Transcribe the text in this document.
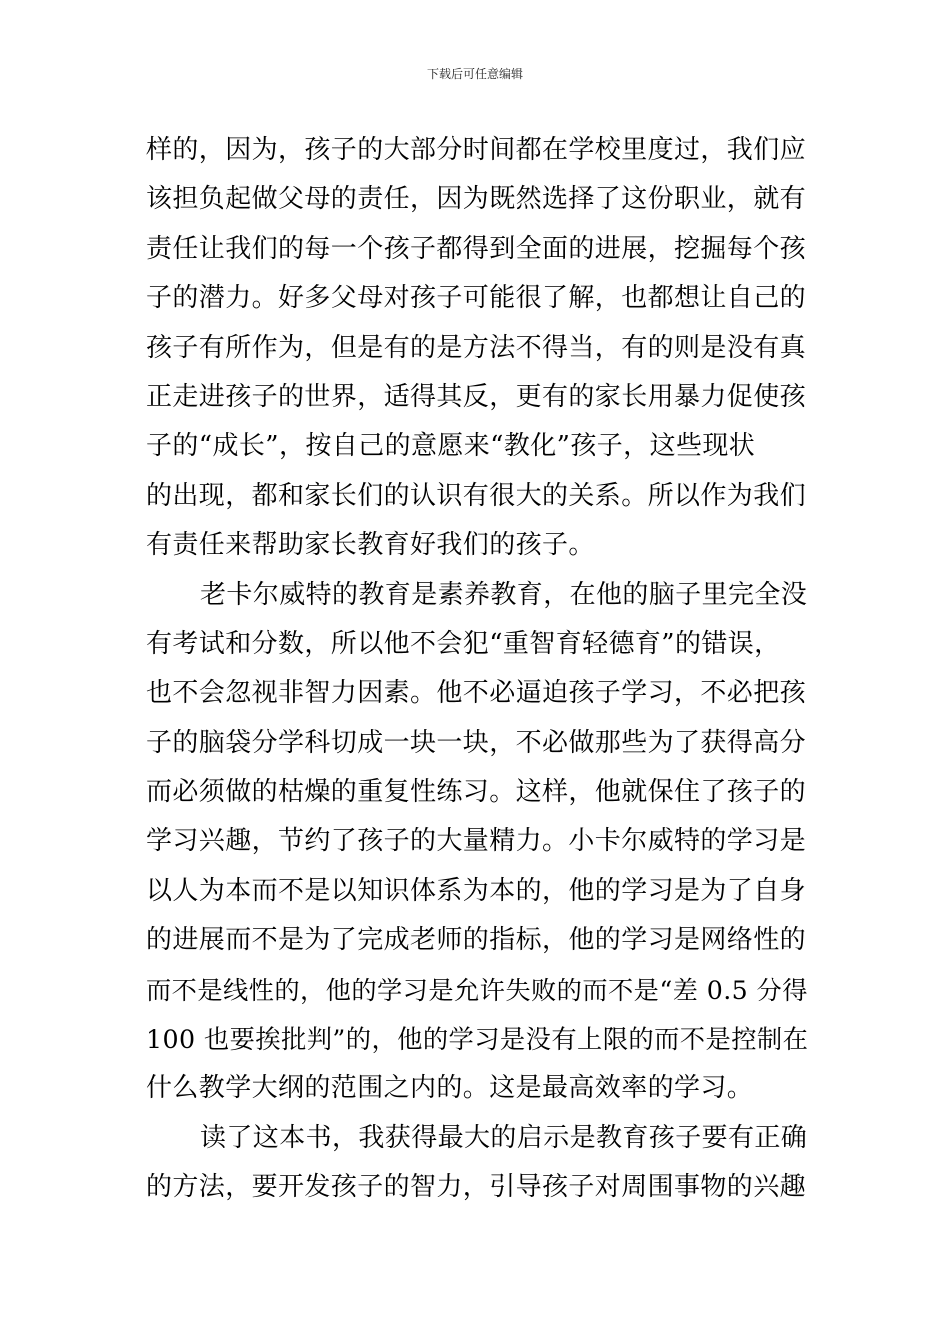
下载后可任意编辑
样的，因为，孩子的大部分时间都在学校里度过，我们应
该担负起做父母的责任，因为既然选择了这份职业，就有
责任让我们的每一个孩子都得到全面的进展，挖掘每个孩
子的潜力。好多父母对孩子可能很了解，也都想让自己的
孩子有所作为，但是有的是方法不得当，有的则是没有真
正走进孩子的世界，适得其反，更有的家长用暴力促使孩
子的“成长”，按自己的意愿来“教化”孩子，这些现状
的出现，都和家长们的认识有很大的关系。所以作为我们
有责任来帮助家长教育好我们的孩子。
老卡尔威特的教育是素养教育，在他的脑子里完全没
有考试和分数，所以他不会犯“重智育轻德育”的错误，
也不会忽视非智力因素。他不必逼迫孩子学习，不必把孩
子的脑袋分学科切成一块一块，不必做那些为了获得高分
而必须做的枯燥的重复性练习。这样，他就保住了孩子的
学习兴趣，节约了孩子的大量精力。小卡尔威特的学习是
以人为本而不是以知识体系为本的，他的学习是为了自身
的进展而不是为了完成老师的指标，他的学习是网络性的
而不是线性的，他的学习是允许失败的而不是“差 0.5 分得
100 也要挨批判”的，他的学习是没有上限的而不是控制在
什么教学大纲的范围之内的。这是最高效率的学习。
读了这本书，我获得最大的启示是教育孩子要有正确
的方法，要开发孩子的智力，引导孩子对周围事物的兴趣
